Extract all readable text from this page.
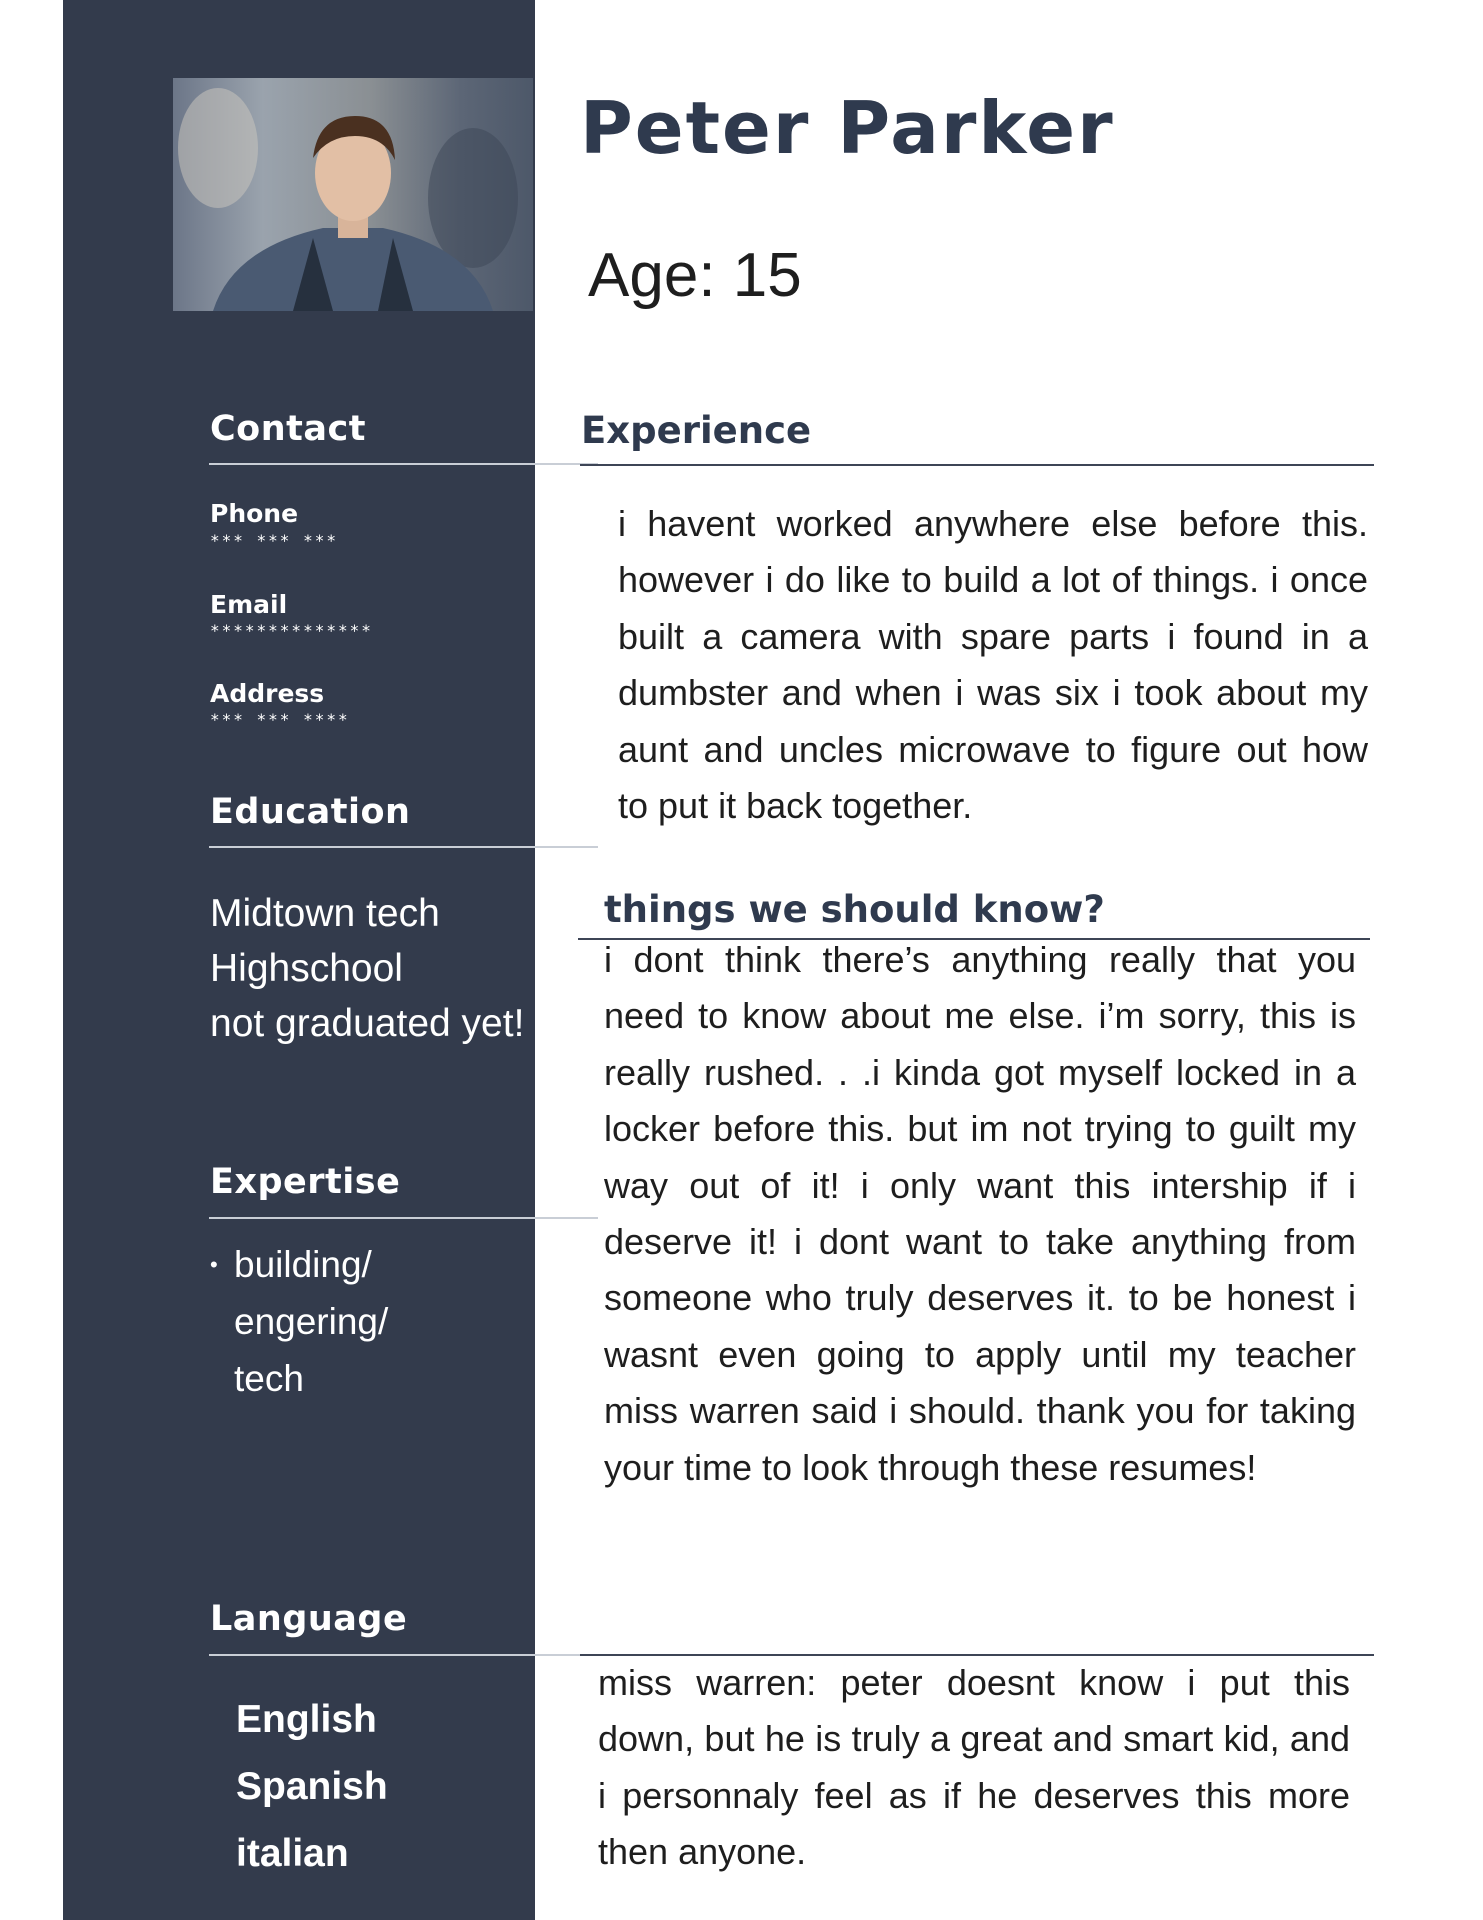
Contact
Phone
*** *** ***
Email
**************
Address
*** *** ****
Education
Midtown tech
Highschool
not graduated yet!
Expertise
• building/
engering/
tech
Language
English
Spanish
italian
Peter Parker
Age: 15
Experience

i havent worked anywhere else before this. however i do like to build a lot of things. i once built a camera with spare parts i found in a dumbster and when i was six i took about my aunt and uncles microwave to figure out how to put it back together.

things we should know?

i dont think there’s anything really that you need to know about me else. i’m sorry, this is really rushed. . .i kinda got myself locked in a locker before this. but im not trying to guilt my way out of it! i only want this intership if i deserve it! i dont want to take anything from someone who truly deserves it. to be honest i wasnt even going to apply until my teacher miss warren said i should. thank you for taking your time to look through these resumes!

miss warren: peter doesnt know i put this down, but he is truly a great and smart kid, and i personnaly feel as if he deserves this more then anyone.
